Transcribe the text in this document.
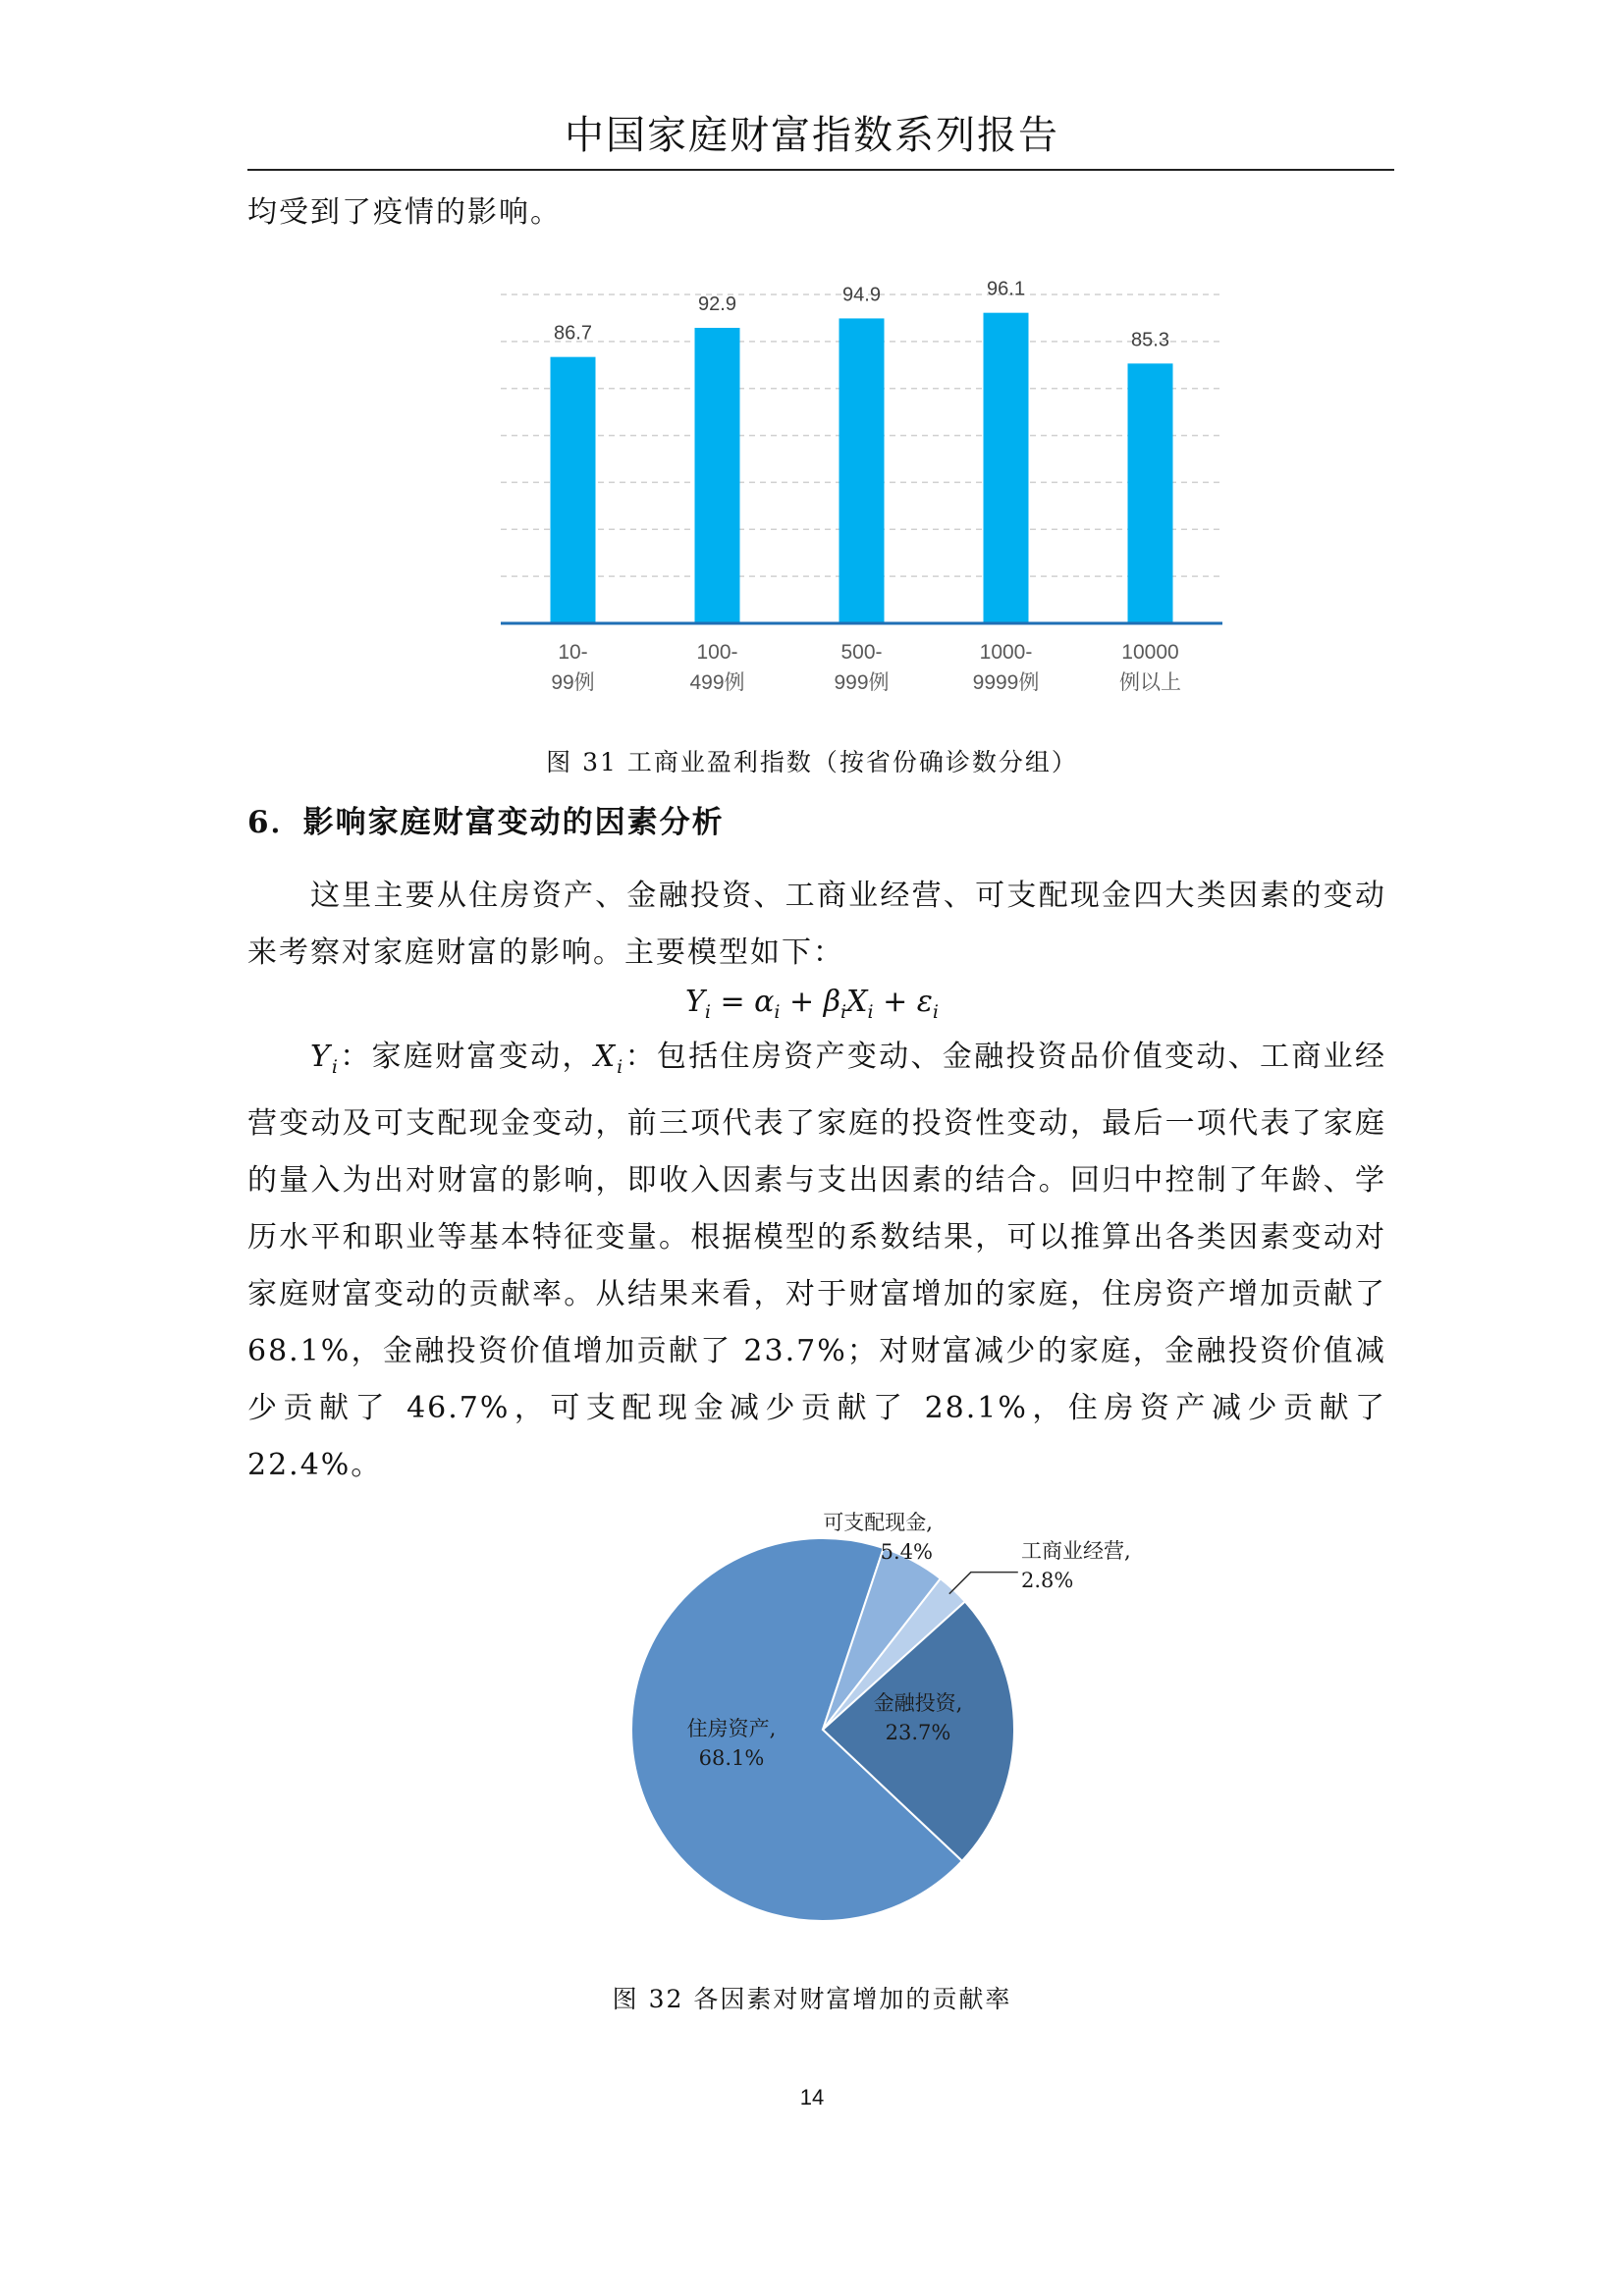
中国家庭财富指数系列报告

均受到了疫情的影响。

86.7
92.9	94.9	96.1
85.3
10-
99例
100-
499例
500-
999例
1000-
9999例
10000
例以上
图 31 工商业盈利指数（按省份确诊数分组）
6．影响家庭财富变动的因素分析

这里主要从住房资产、金融投资、工商业经营、可支配现金四大类因素的变动来考察对家庭财富的影响。主要模型如下：

$Y_i = \alpha_i + \beta_iX_i + \varepsilon_i$

$Y_i$：家庭财富变动，$X_i$：包括住房资产变动、金融投资品价值变动、工商业经营变动及可支配现金变动，前三项代表了家庭的投资性变动，最后一项代表了家庭的量入为出对财富的影响，即收入因素与支出因素的结合。回归中控制了年龄、学历水平和职业等基本特征变量。根据模型的系数结果，可以推算出各类因素变动对家庭财富变动的贡献率。从结果来看，对于财富增加的家庭，住房资产增加贡献了 68.1%，金融投资价值增加贡献了 23.7%；对财富减少的家庭，金融投资价值减少贡献了 46.7%，可支配现金减少贡献了 28.1%，住房资产减少贡献了 22.4%。

住房资产,
68.1%
可支配现金,
5.4%	工商业经营,
2.8%
金融投资,
23.7%
图 32 各因素对财富增加的贡献率
14
